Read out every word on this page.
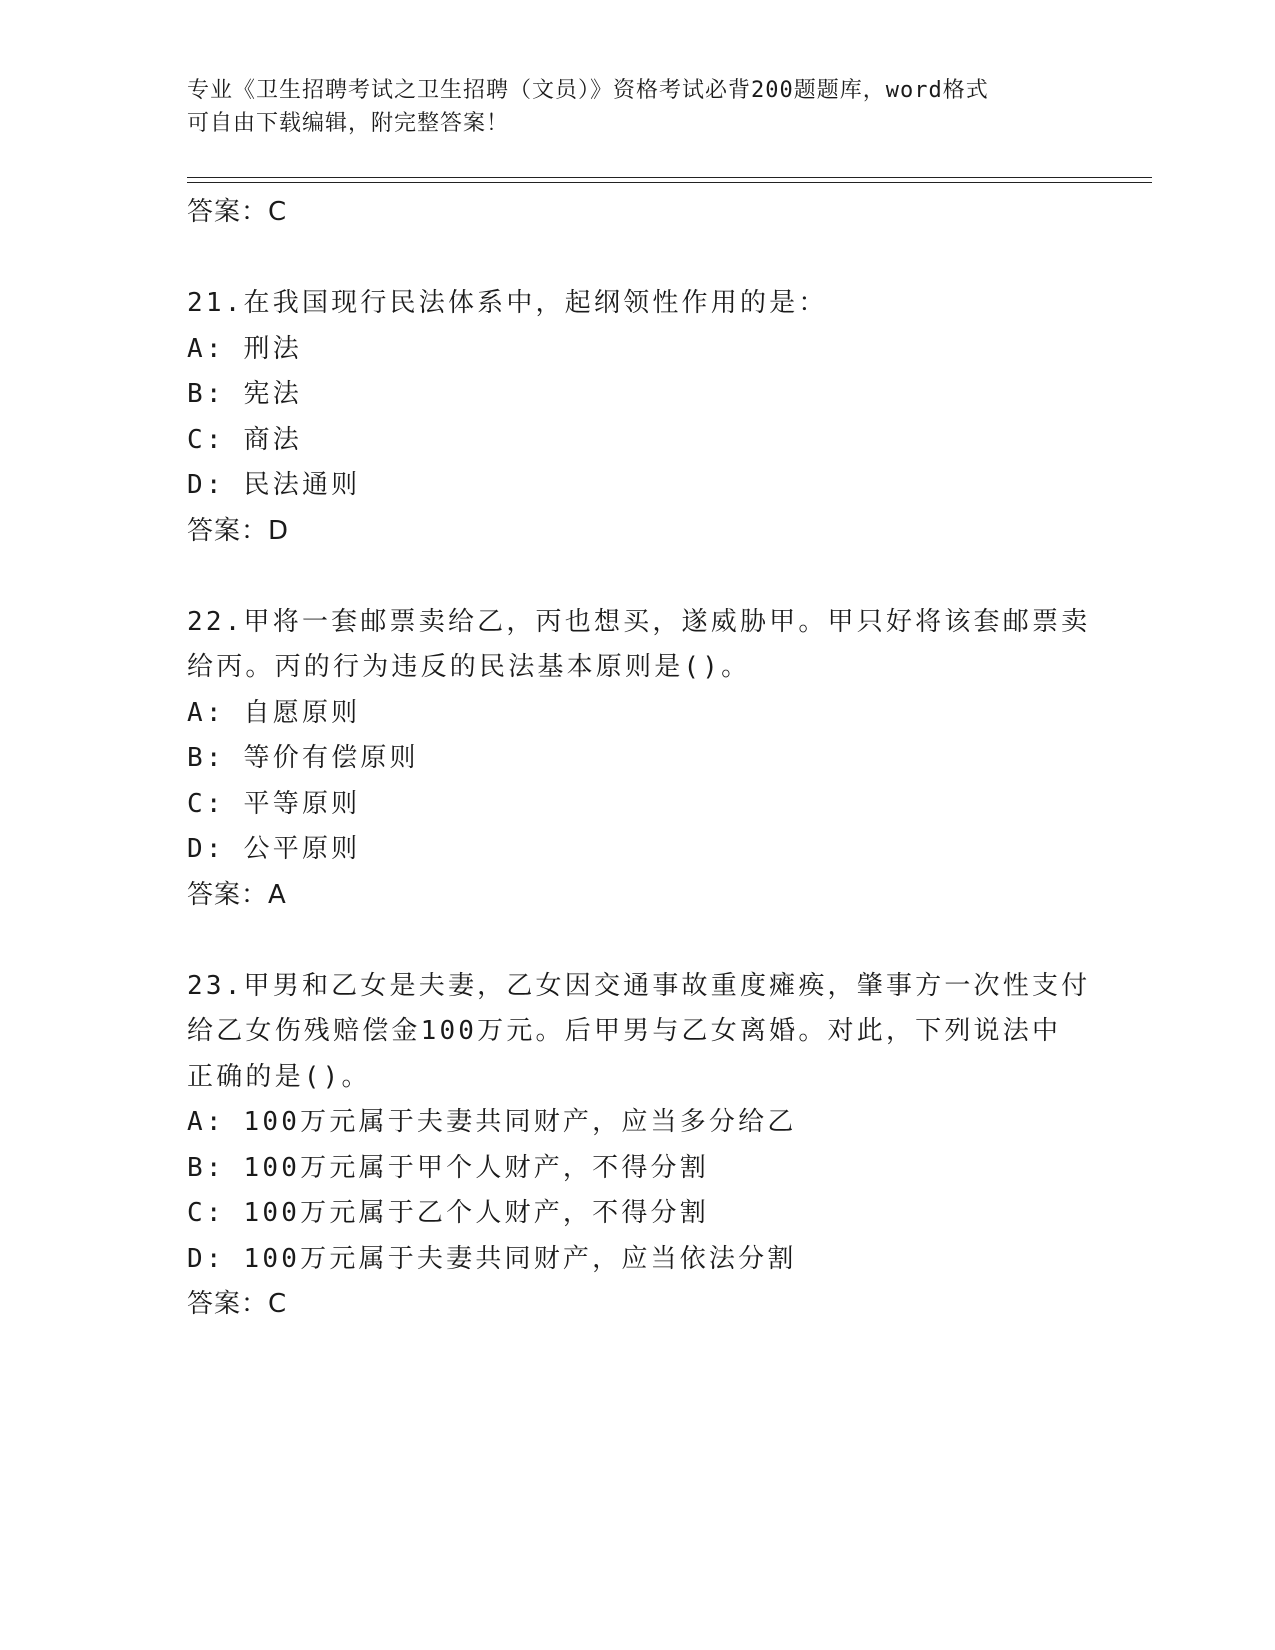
专业《卫生招聘考试之卫生招聘（文员）》资格考试必背200题题库，word格式
可自由下载编辑，附完整答案！
答案：C
21.在我国现行民法体系中，起纲领性作用的是：
A: 刑法
B: 宪法
C: 商法
D: 民法通则
答案：D
22.甲将一套邮票卖给乙，丙也想买，遂威胁甲。甲只好将该套邮票卖
给丙。丙的行为违反的民法基本原则是()。
A: 自愿原则
B: 等价有偿原则
C: 平等原则
D: 公平原则
答案：A
23.甲男和乙女是夫妻，乙女因交通事故重度瘫痪，肇事方一次性支付
给乙女伤残赔偿金100万元。后甲男与乙女离婚。对此，下列说法中
正确的是()。
A: 100万元属于夫妻共同财产，应当多分给乙
B: 100万元属于甲个人财产，不得分割
C: 100万元属于乙个人财产，不得分割
D: 100万元属于夫妻共同财产，应当依法分割
答案：C
